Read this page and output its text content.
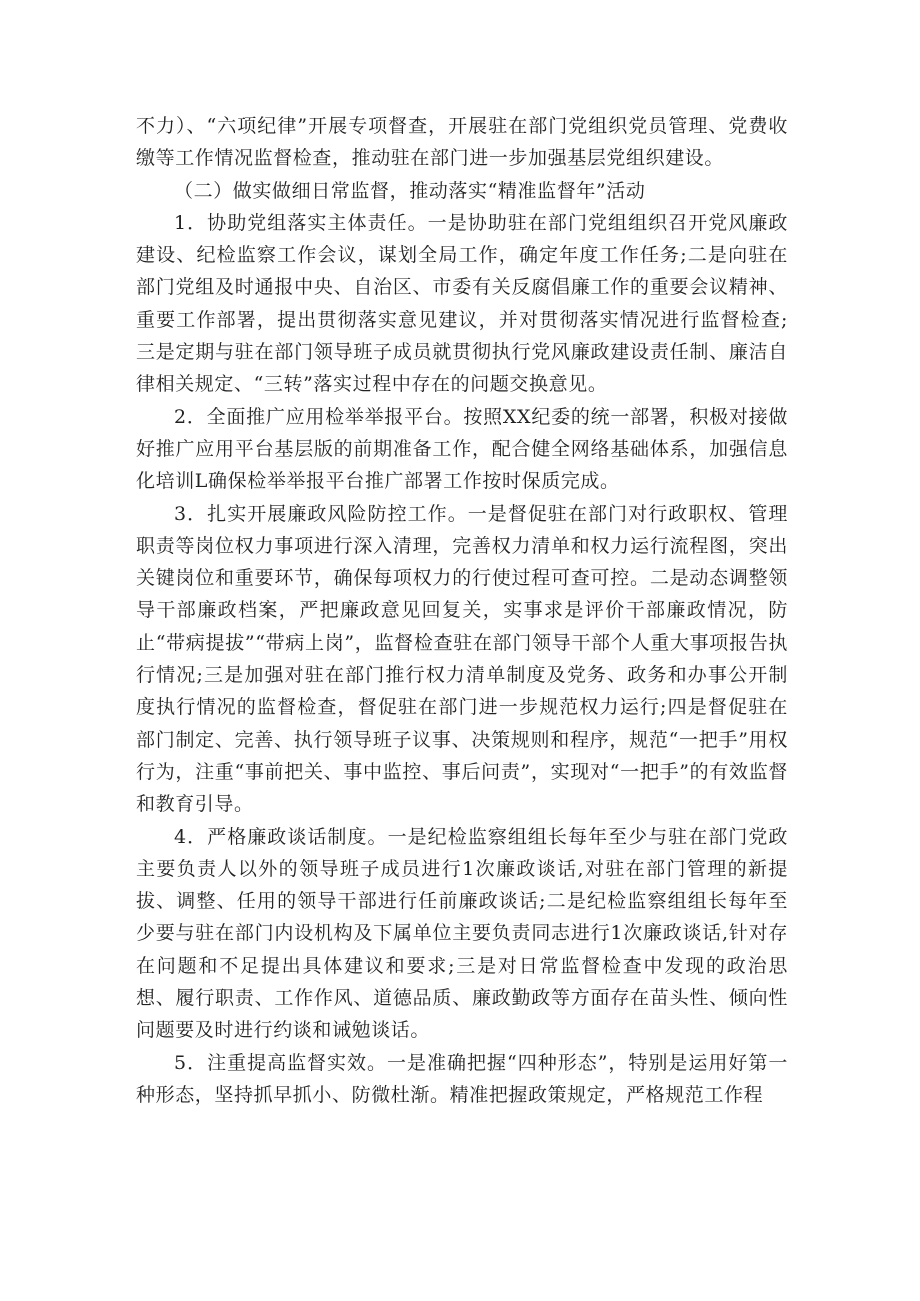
不力）、“六项纪律”开展专项督查，开展驻在部门党组织党员管理、党费收缴等工作情况监督检查，推动驻在部门进一步加强基层党组织建设。

（二）做实做细日常监督，推动落实“精准监督年”活动

1．协助党组落实主体责任。一是协助驻在部门党组组织召开党风廉政建设、纪检监察工作会议，谋划全局工作，确定年度工作任务;二是向驻在部门党组及时通报中央、自治区、市委有关反腐倡廉工作的重要会议精神、重要工作部署，提出贯彻落实意见建议，并对贯彻落实情况进行监督检查;三是定期与驻在部门领导班子成员就贯彻执行党风廉政建设责任制、廉洁自律相关规定、“三转”落实过程中存在的问题交换意见。

2．全面推广应用检举举报平台。按照XX纪委的统一部署，积极对接做好推广应用平台基层版的前期准备工作，配合健全网络基础体系，加强信息化培训L确保检举举报平台推广部署工作按时保质完成。

3．扎实开展廉政风险防控工作。一是督促驻在部门对行政职权、管理职责等岗位权力事项进行深入清理，完善权力清单和权力运行流程图，突出关键岗位和重要环节，确保每项权力的行使过程可查可控。二是动态调整领导干部廉政档案，严把廉政意见回复关，实事求是评价干部廉政情况，防止“带病提拔”“带病上岗”，监督检查驻在部门领导干部个人重大事项报告执行情况;三是加强对驻在部门推行权力清单制度及党务、政务和办事公开制度执行情况的监督检查，督促驻在部门进一步规范权力运行;四是督促驻在部门制定、完善、执行领导班子议事、决策规则和程序，规范“一把手”用权行为，注重“事前把关、事中监控、事后问责”，实现对“一把手”的有效监督和教育引导。

4．严格廉政谈话制度。一是纪检监察组组长每年至少与驻在部门党政主要负责人以外的领导班子成员进行1次廉政谈话,对驻在部门管理的新提拔、调整、任用的领导干部进行任前廉政谈话;二是纪检监察组组长每年至少要与驻在部门内设机构及下属单位主要负责同志进行1次廉政谈话,针对存在问题和不足提出具体建议和要求;三是对日常监督检查中发现的政治思想、履行职责、工作作风、道德品质、廉政勤政等方面存在苗头性、倾向性问题要及时进行约谈和诫勉谈话。

5．注重提高监督实效。一是准确把握“四种形态”，特别是运用好第一种形态，坚持抓早抓小、防微杜渐。精准把握政策规定，严格规范工作程
